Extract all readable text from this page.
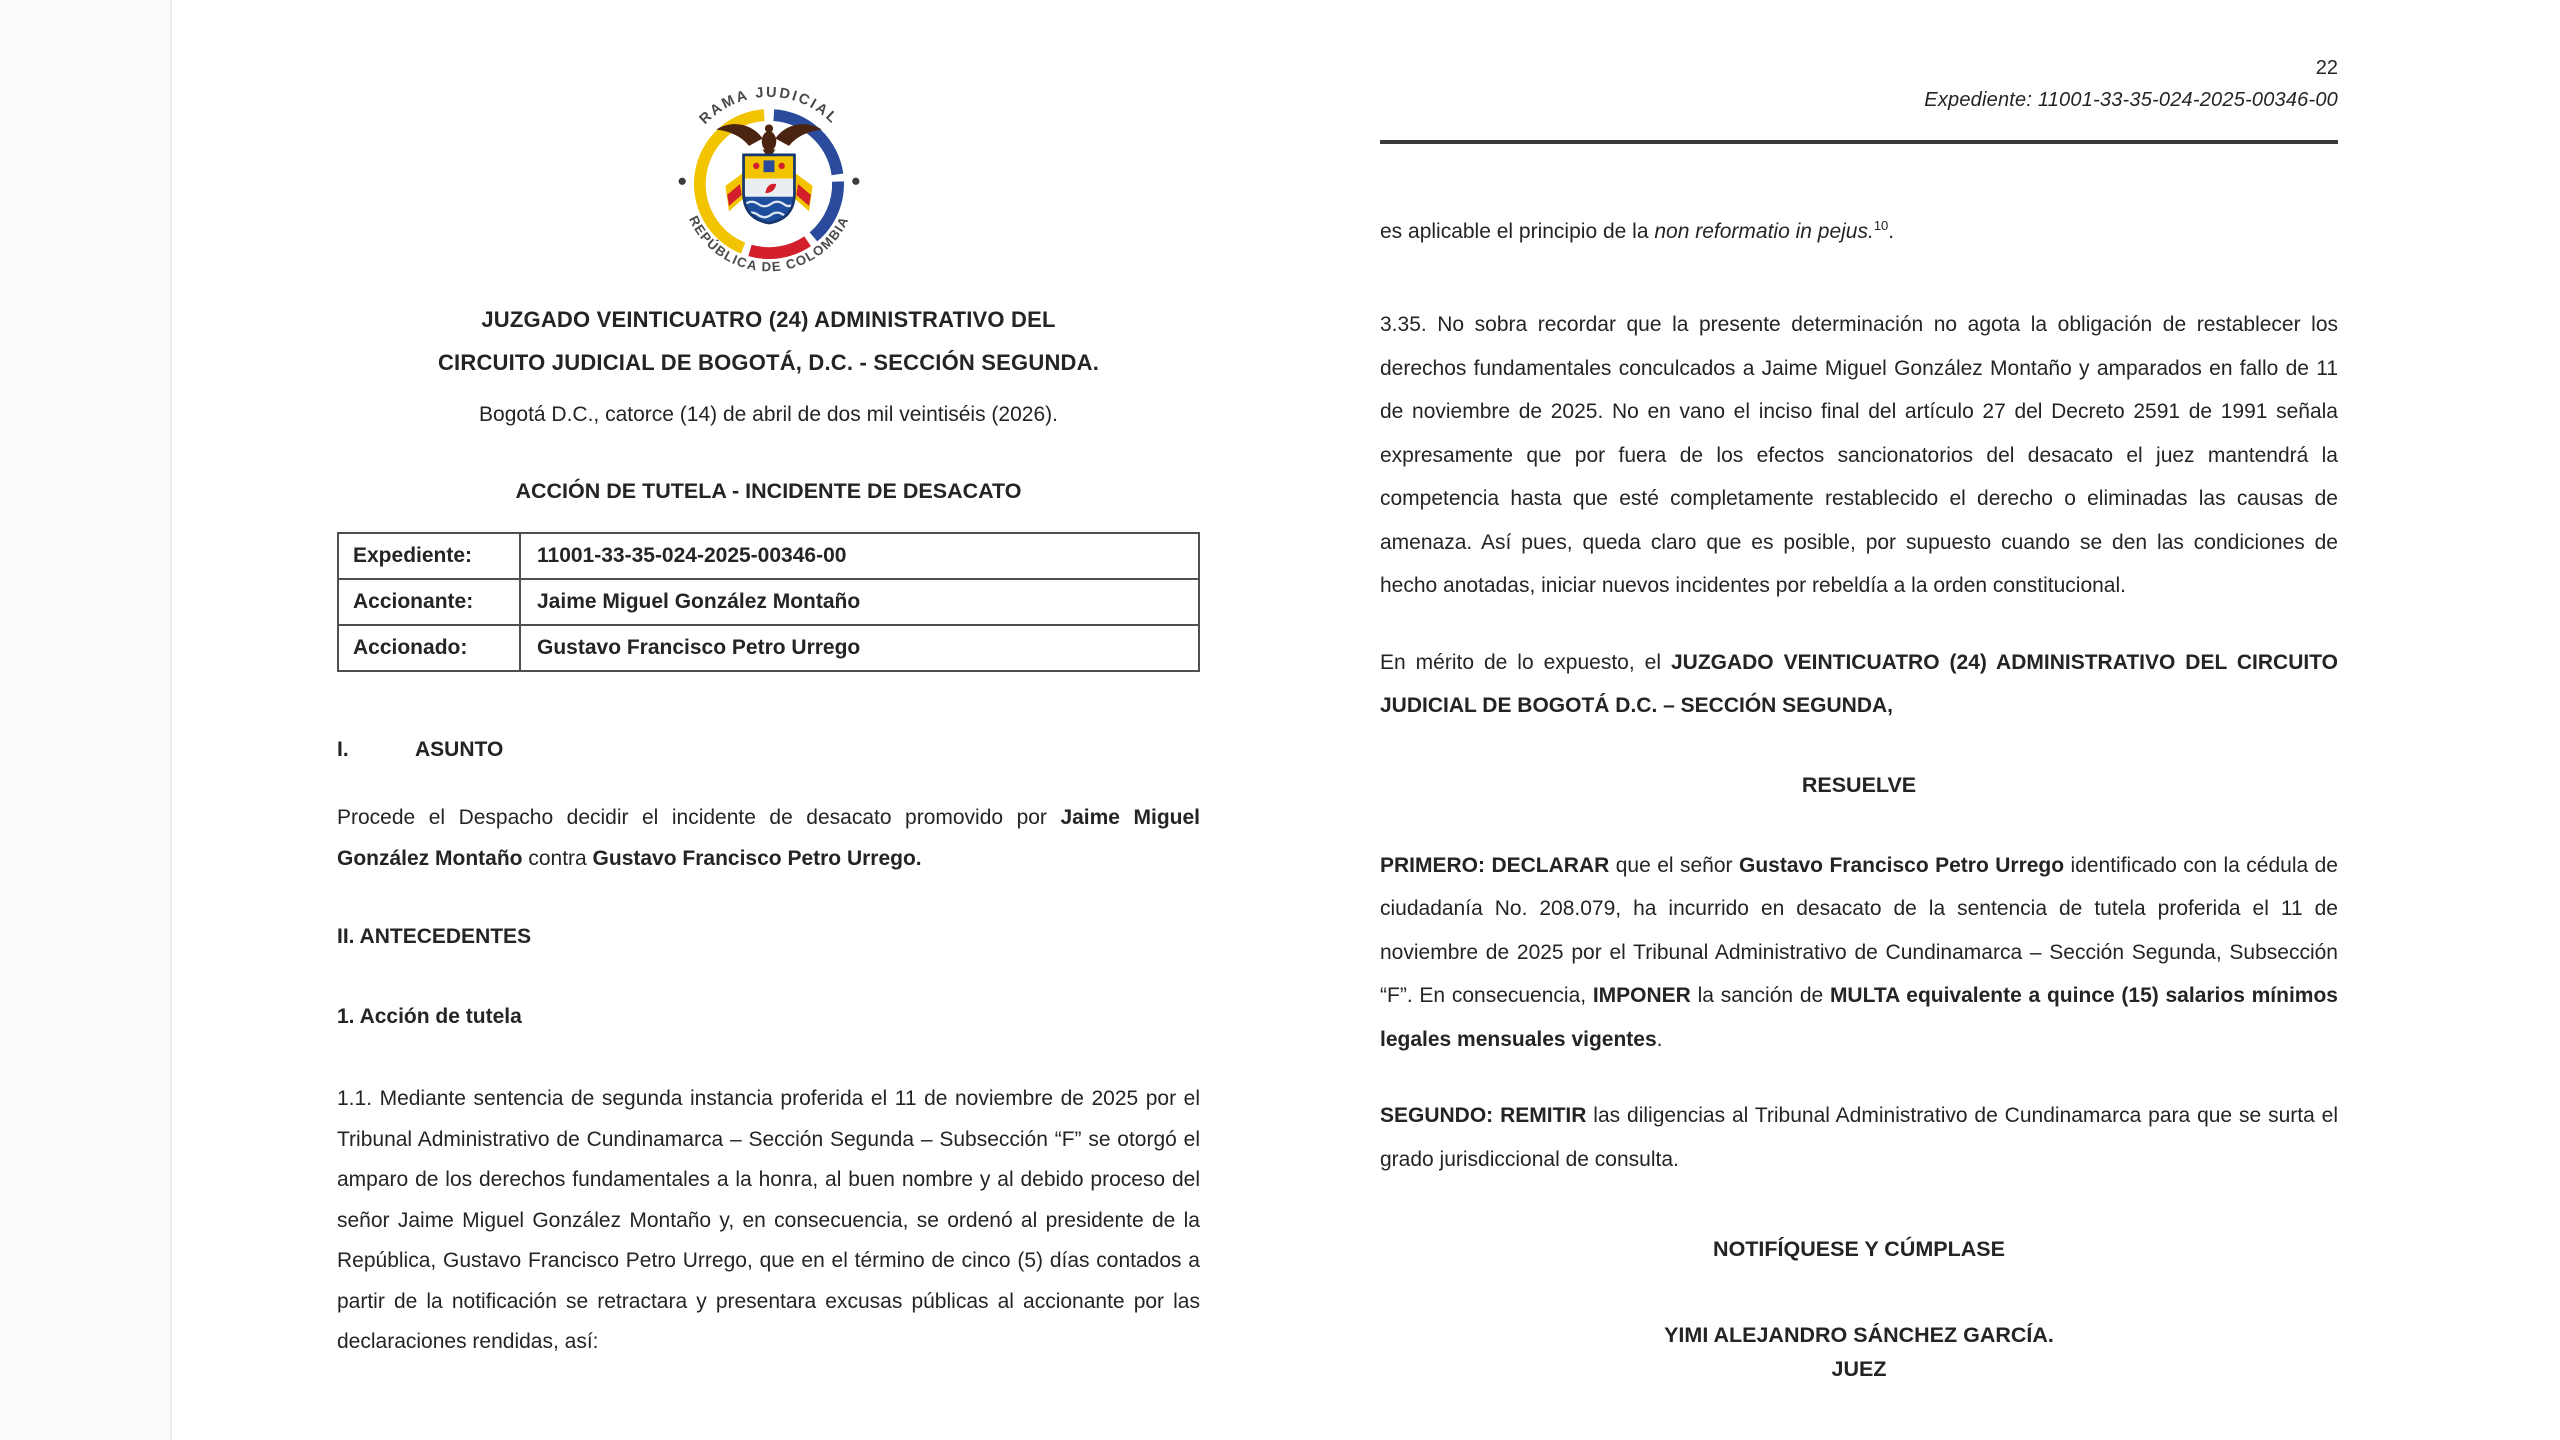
RAMA JUDICIAL
REPÚBLICA DE COLOMBIA
JUZGADO VEINTICUATRO (24) ADMINISTRATIVO DEL
CIRCUITO JUDICIAL DE BOGOTÁ, D.C. - SECCIÓN SEGUNDA.
Bogotá D.C., catorce (14) de abril de dos mil veintiséis (2026).
ACCIÓN DE TUTELA - INCIDENTE DE DESACATO
Expediente:	11001-33-35-024-2025-00346-00
Accionante:	Jaime Miguel González Montaño
Accionado:	Gustavo Francisco Petro Urrego
I.	ASUNTO
Procede el Despacho decidir el incidente de desacato promovido por Jaime Miguel González Montaño contra Gustavo Francisco Petro Urrego.
II. ANTECEDENTES
1. Acción de tutela
1.1. Mediante sentencia de segunda instancia proferida el 11 de noviembre de 2025 por el Tribunal Administrativo de Cundinamarca – Sección Segunda – Subsección “F” se otorgó el amparo de los derechos fundamentales a la honra, al buen nombre y al debido proceso del señor Jaime Miguel González Montaño y, en consecuencia, se ordenó al presidente de la República, Gustavo Francisco Petro Urrego, que en el término de cinco (5) días contados a partir de la notificación se retractara y presentara excusas públicas al accionante por las declaraciones rendidas, así:
22
Expediente: 11001-33-35-024-2025-00346-00
es aplicable el principio de la non reformatio in pejus.$^{10}$.
3.35. No sobra recordar que la presente determinación no agota la obligación de restablecer los derechos fundamentales conculcados a Jaime Miguel González Montaño y amparados en fallo de 11 de noviembre de 2025. No en vano el inciso final del artículo 27 del Decreto 2591 de 1991 señala expresamente que por fuera de los efectos sancionatorios del desacato el juez mantendrá la competencia hasta que esté completamente restablecido el derecho o eliminadas las causas de amenaza. Así pues, queda claro que es posible, por supuesto cuando se den las condiciones de hecho anotadas, iniciar nuevos incidentes por rebeldía a la orden constitucional.
En mérito de lo expuesto, el JUZGADO VEINTICUATRO (24) ADMINISTRATIVO DEL CIRCUITO JUDICIAL DE BOGOTÁ D.C. – SECCIÓN SEGUNDA,
RESUELVE
PRIMERO: DECLARAR que el señor Gustavo Francisco Petro Urrego identificado con la cédula de ciudadanía No. 208.079, ha incurrido en desacato de la sentencia de tutela proferida el 11 de noviembre de 2025 por el Tribunal Administrativo de Cundinamarca – Sección Segunda, Subsección “F”. En consecuencia, IMPONER la sanción de MULTA equivalente a quince (15) salarios mínimos legales mensuales vigentes.
SEGUNDO: REMITIR las diligencias al Tribunal Administrativo de Cundinamarca para que se surta el grado jurisdiccional de consulta.
NOTIFÍQUESE Y CÚMPLASE
YIMI ALEJANDRO SÁNCHEZ GARCÍA.
JUEZ
